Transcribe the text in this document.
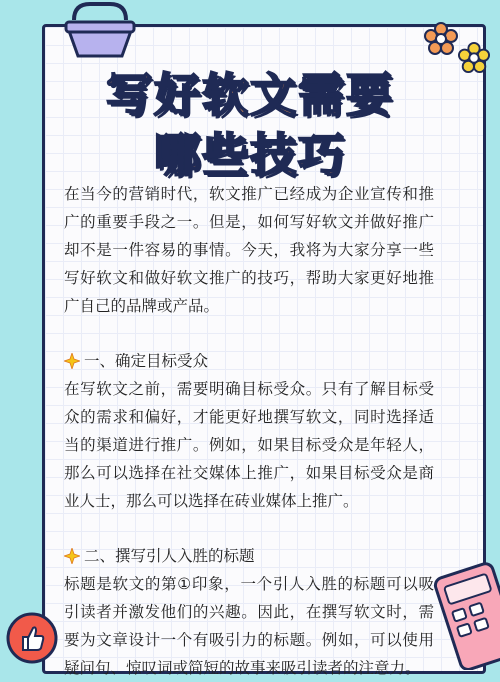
写好软文需要
哪些技巧

在当今的营销时代，软文推广已经成为企业宣传和推广的重要手段之一。但是，如何写好软文并做好推广却不是一件容易的事情。今天，我将为大家分享一些写好软文和做好软文推广的技巧，帮助大家更好地推广自己的品牌或产品。

一、确定目标受众

在写软文之前，需要明确目标受众。只有了解目标受众的需求和偏好，才能更好地撰写软文，同时选择适当的渠道进行推广。例如，如果目标受众是年轻人，那么可以选择在社交媒体上推广，如果目标受众是商业人士，那么可以选择在砖业媒体上推广。

二、撰写引人入胜的标题

标题是软文的第①印象，一个引人入胜的标题可以吸引读者并激发他们的兴趣。因此，在撰写软文时，需要为文章设计一个有吸引力的标题。例如，可以使用疑问句、惊叹词或简短的故事来吸引读者的注意力。
